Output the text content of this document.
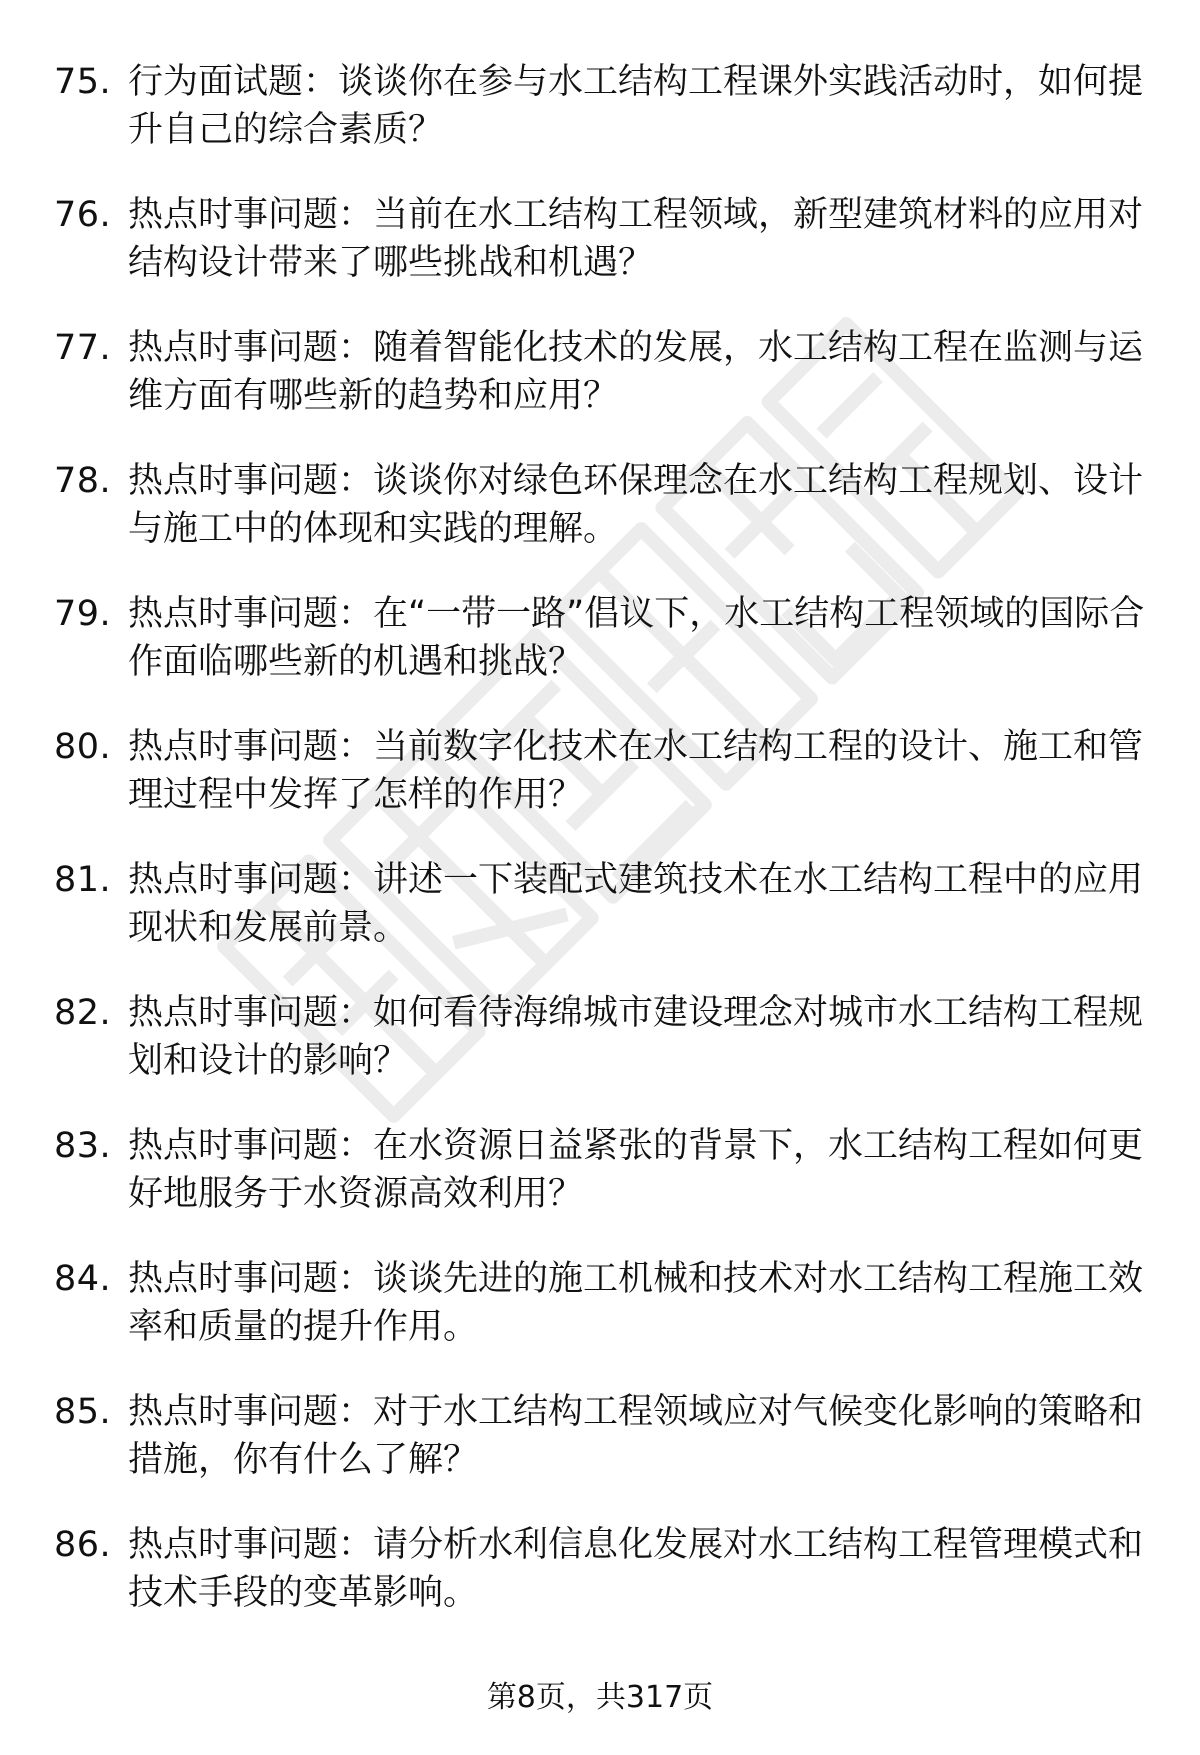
75. 行为面试题：谈谈你在参与水工结构工程课外实践活动时，如何提升自己的综合素质？
76. 热点时事问题：当前在水工结构工程领域，新型建筑材料的应用对结构设计带来了哪些挑战和机遇？
77. 热点时事问题：随着智能化技术的发展，水工结构工程在监测与运维方面有哪些新的趋势和应用？
78. 热点时事问题：谈谈你对绿色环保理念在水工结构工程规划、设计与施工中的体现和实践的理解。
79. 热点时事问题：在“一带一路”倡议下，水工结构工程领域的国际合作面临哪些新的机遇和挑战？
80. 热点时事问题：当前数字化技术在水工结构工程的设计、施工和管理过程中发挥了怎样的作用？
81. 热点时事问题：讲述一下装配式建筑技术在水工结构工程中的应用现状和发展前景。
82. 热点时事问题：如何看待海绵城市建设理念对城市水工结构工程规划和设计的影响？
83. 热点时事问题：在水资源日益紧张的背景下，水工结构工程如何更好地服务于水资源高效利用？
84. 热点时事问题：谈谈先进的施工机械和技术对水工结构工程施工效率和质量的提升作用。
85. 热点时事问题：对于水工结构工程领域应对气候变化影响的策略和措施，你有什么了解？
86. 热点时事问题：请分析水利信息化发展对水工结构工程管理模式和技术手段的变革影响。
第8页，共317页
